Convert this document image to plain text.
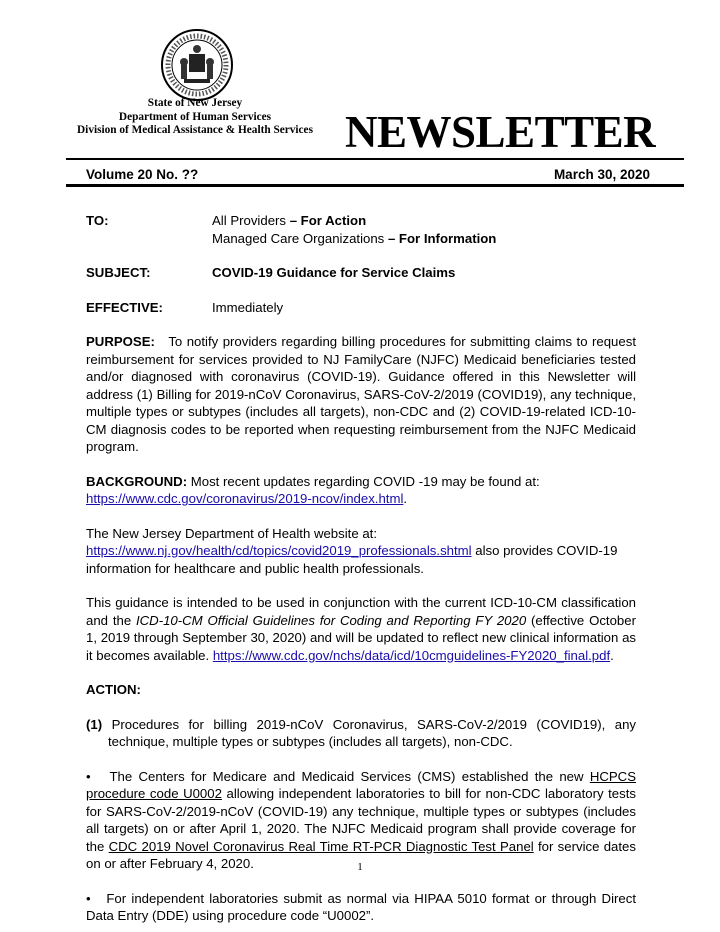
State of New Jersey
Department of Human Services
Division of Medical Assistance & Health Services NEWSLETTER
Volume 20 No. ??	March 30, 2020
TO:	All Providers – For Action
Managed Care Organizations – For Information
SUBJECT:	COVID-19 Guidance for Service Claims
EFFECTIVE:	Immediately

PURPOSE: To notify providers regarding billing procedures for submitting claims to request reimbursement for services provided to NJ FamilyCare (NJFC) Medicaid beneficiaries tested and/or diagnosed with coronavirus (COVID-19). Guidance offered in this Newsletter will address (1) Billing for 2019-nCoV Coronavirus, SARS-CoV-2/2019 (COVID19), any technique, multiple types or subtypes (includes all targets), non-CDC and (2) COVID-19-related ICD-10-CM diagnosis codes to be reported when requesting reimbursement from the NJFC Medicaid program.

BACKGROUND: Most recent updates regarding COVID -19 may be found at:
https://www.cdc.gov/coronavirus/2019-ncov/index.html.

The New Jersey Department of Health website at:
https://www.nj.gov/health/cd/topics/covid2019_professionals.shtml also provides COVID-19 information for healthcare and public health professionals.

This guidance is intended to be used in conjunction with the current ICD-10-CM classification and the ICD-10-CM Official Guidelines for Coding and Reporting FY 2020 (effective October 1, 2019 through September 30, 2020) and will be updated to reflect new clinical information as it becomes available. https://www.cdc.gov/nchs/data/icd/10cmguidelines-FY2020_final.pdf.

ACTION:

(1) Procedures for billing 2019-nCoV Coronavirus, SARS-CoV-2/2019 (COVID19), any technique, multiple types or subtypes (includes all targets), non-CDC.

•   The Centers for Medicare and Medicaid Services (CMS) established the new HCPCS procedure code U0002 allowing independent laboratories to bill for non-CDC laboratory tests for SARS-CoV-2/2019-nCoV (COVID-19) any technique, multiple types or subtypes (includes all targets) on or after April 1, 2020. The NJFC Medicaid program shall provide coverage for the CDC 2019 Novel Coronavirus Real Time RT-PCR Diagnostic Test Panel for service dates on or after February 4, 2020.

•   For independent laboratories submit as normal via HIPAA 5010 format or through Direct Data Entry (DDE) using procedure code “U0002”.

1
